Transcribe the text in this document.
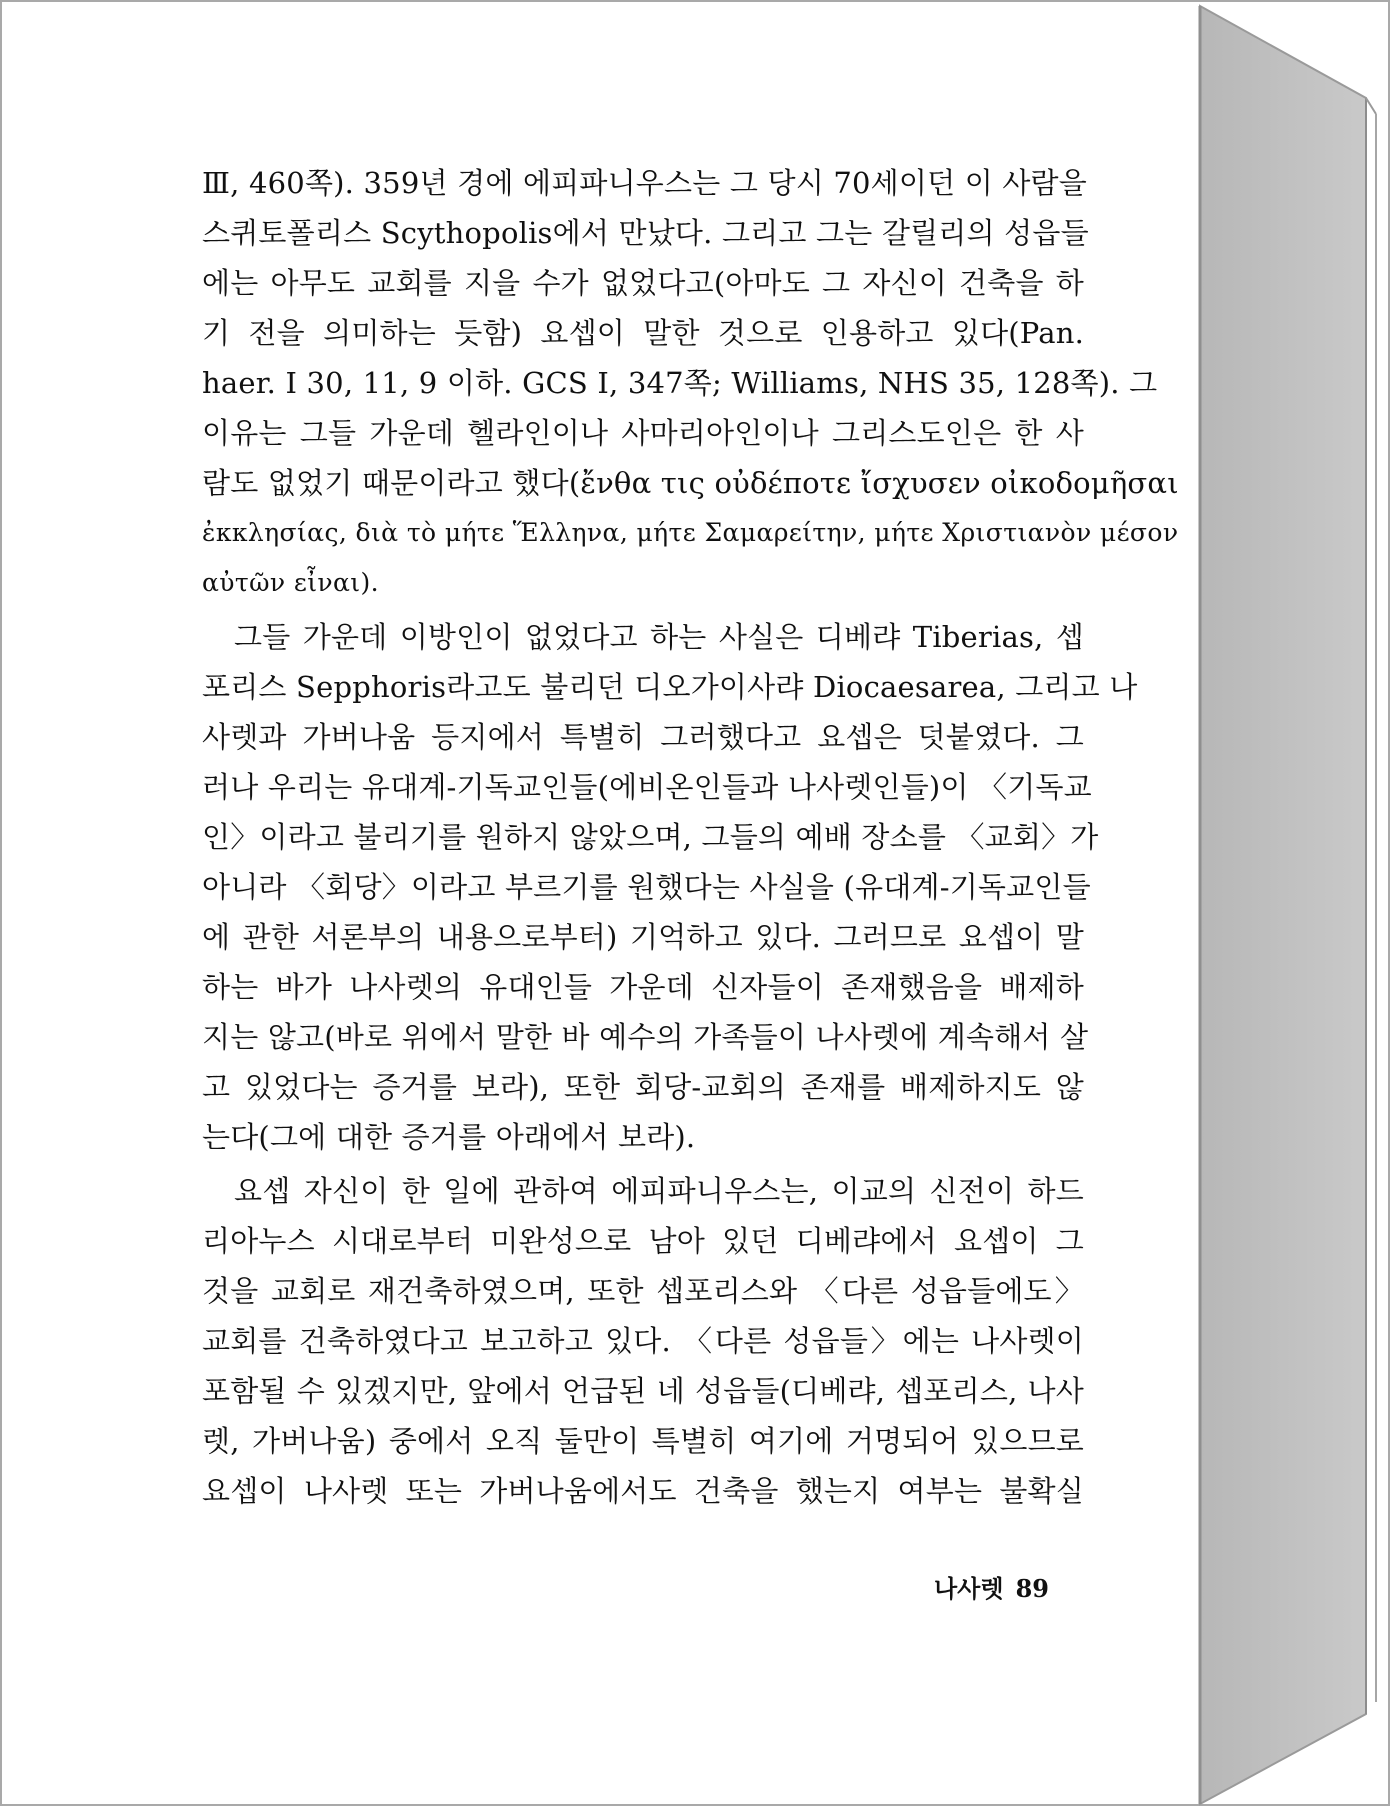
Ⅲ, 460쪽). 359년 경에 에피파니우스는 그 당시 70세이던 이 사람을
스퀴토폴리스 Scythopolis에서 만났다. 그리고 그는 갈릴리의 성읍들
에는 아무도 교회를 지을 수가 없었다고(아마도 그 자신이 건축을 하
기 전을 의미하는 듯함) 요셉이 말한 것으로 인용하고 있다(Pan.
haer. I 30, 11, 9 이하. GCS I, 347쪽; Williams, NHS 35, 128쪽). 그
이유는 그들 가운데 헬라인이나 사마리아인이나 그리스도인은 한 사
람도 없었기 때문이라고 했다(ἔνθα τις οὐδέποτε ἴσχυσεν οἰκοδομῆσαι
ἐκκλησίας, διὰ τὸ μήτε Ἕλληνα, μήτε Σαμαρείτην, μήτε Χριστιανὸν μέσον
αὐτῶν εἶναι).
그들 가운데 이방인이 없었다고 하는 사실은 디베랴 Tiberias, 셉
포리스 Sepphoris라고도 불리던 디오가이사랴 Diocaesarea, 그리고 나
사렛과 가버나움 등지에서 특별히 그러했다고 요셉은 덧붙였다. 그
러나 우리는 유대계-기독교인들(에비온인들과 나사렛인들)이 〈기독교
인〉이라고 불리기를 원하지 않았으며, 그들의 예배 장소를 〈교회〉가
아니라 〈회당〉이라고 부르기를 원했다는 사실을 (유대계-기독교인들
에 관한 서론부의 내용으로부터) 기억하고 있다. 그러므로 요셉이 말
하는 바가 나사렛의 유대인들 가운데 신자들이 존재했음을 배제하
지는 않고(바로 위에서 말한 바 예수의 가족들이 나사렛에 계속해서 살
고 있었다는 증거를 보라), 또한 회당-교회의 존재를 배제하지도 않
는다(그에 대한 증거를 아래에서 보라).
요셉 자신이 한 일에 관하여 에피파니우스는, 이교의 신전이 하드
리아누스 시대로부터 미완성으로 남아 있던 디베랴에서 요셉이 그
것을 교회로 재건축하였으며, 또한 셉포리스와 〈다른 성읍들에도〉
교회를 건축하였다고 보고하고 있다. 〈다른 성읍들〉에는 나사렛이
포함될 수 있겠지만, 앞에서 언급된 네 성읍들(디베랴, 셉포리스, 나사
렛, 가버나움) 중에서 오직 둘만이 특별히 여기에 거명되어 있으므로
요셉이 나사렛 또는 가버나움에서도 건축을 했는지 여부는 불확실
나사렛 89
